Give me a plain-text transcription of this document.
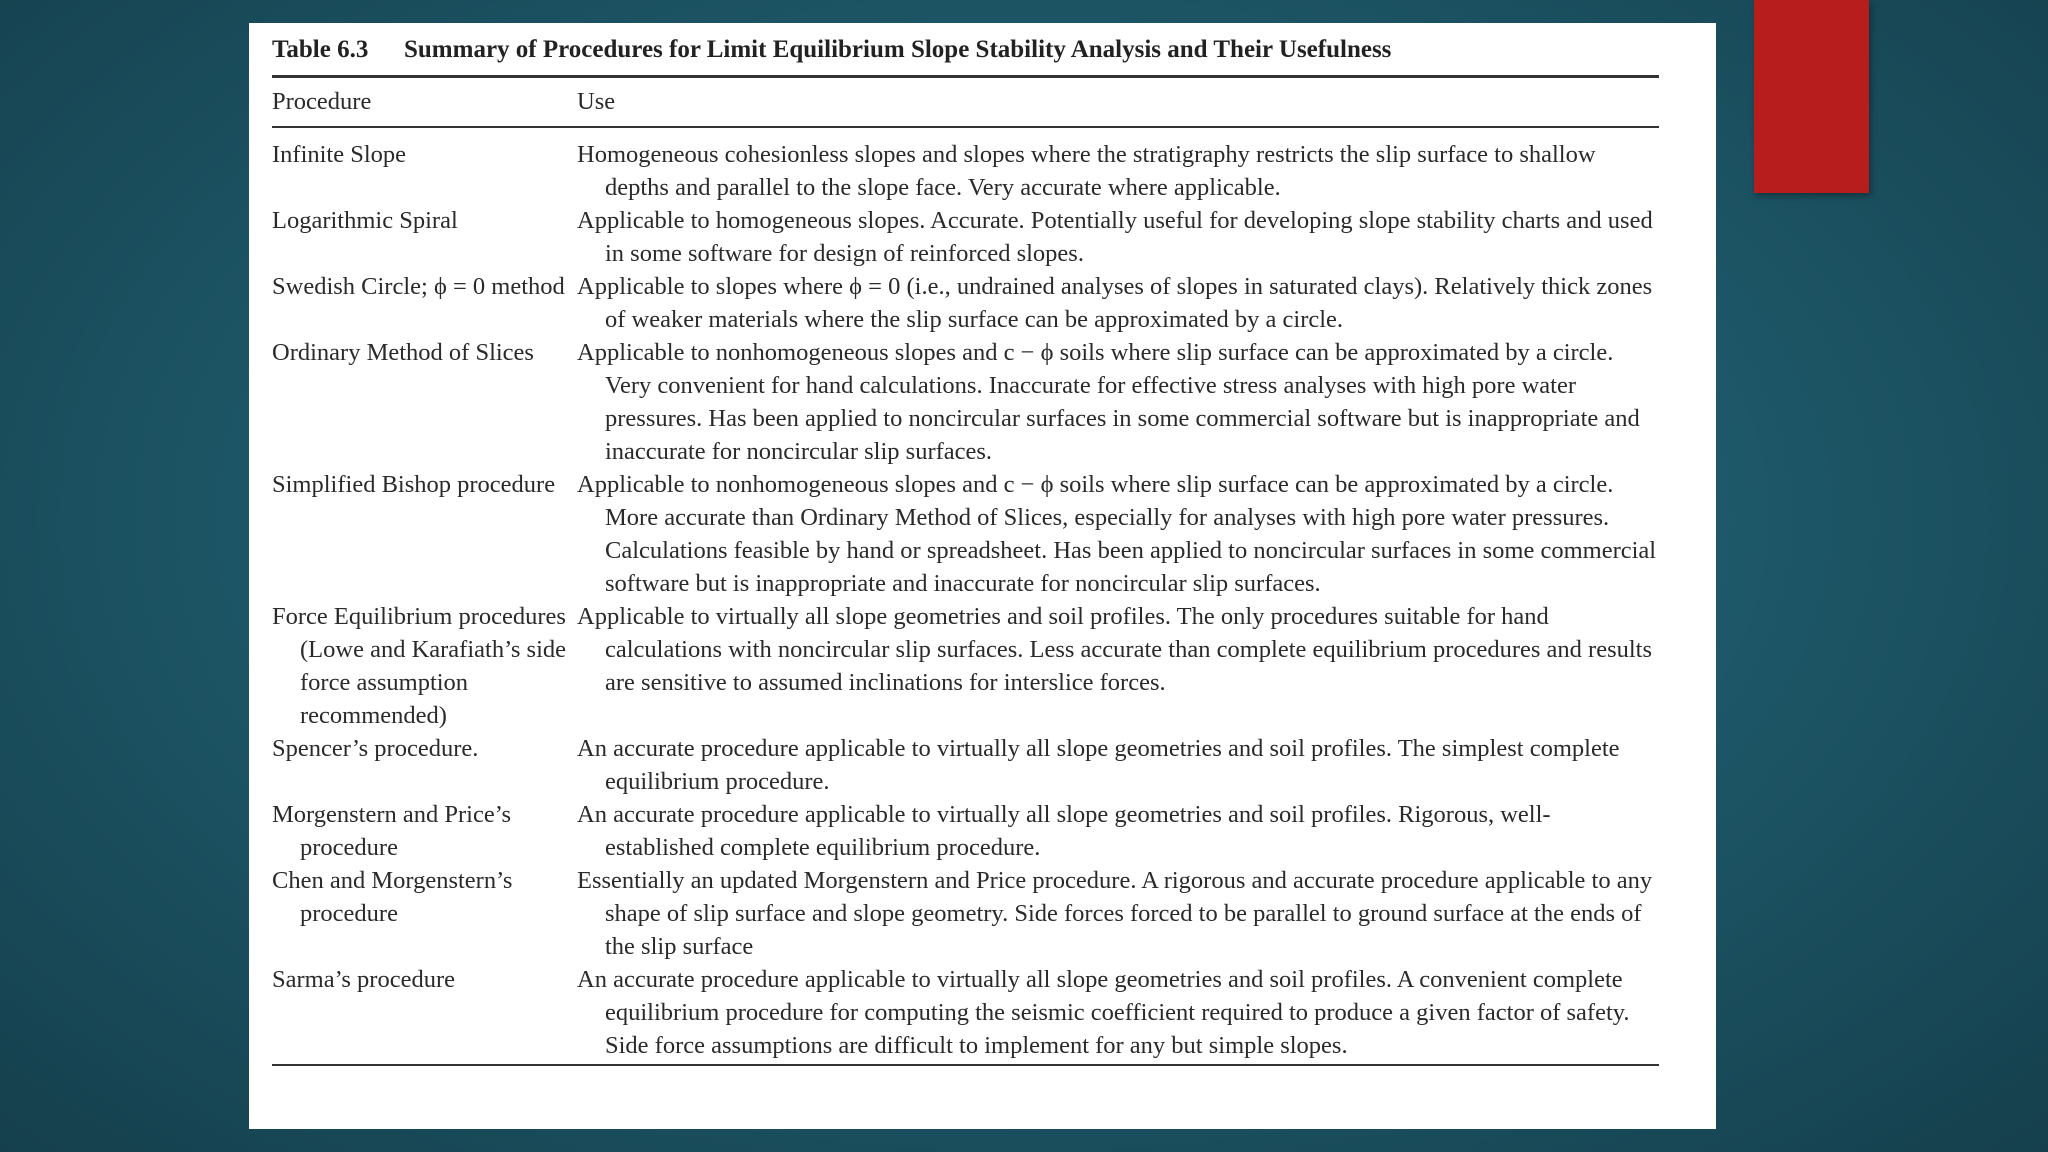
Table 6.3 Summary of Procedures for Limit Equilibrium Slope Stability Analysis and Their Usefulness
Procedure	Use
Infinite Slope	Homogeneous cohesionless slopes and slopes where the stratigraphy restricts the slip surface to shallow depths and parallel to the slope face. Very accurate where applicable.
Logarithmic Spiral	Applicable to homogeneous slopes. Accurate. Potentially useful for developing slope stability charts and used in some software for design of reinforced slopes.
Swedish Circle; ϕ = 0 method	Applicable to slopes where ϕ = 0 (i.e., undrained analyses of slopes in saturated clays). Relatively thick zones of weaker materials where the slip surface can be approximated by a circle.
Ordinary Method of Slices	Applicable to nonhomogeneous slopes and c − ϕ soils where slip surface can be approximated by a circle. Very convenient for hand calculations. Inaccurate for effective stress analyses with high pore water pressures. Has been applied to noncircular surfaces in some commercial software but is inappropriate and inaccurate for noncircular slip surfaces.
Simplified Bishop procedure	Applicable to nonhomogeneous slopes and c − ϕ soils where slip surface can be approximated by a circle. More accurate than Ordinary Method of Slices, especially for analyses with high pore water pressures. Calculations feasible by hand or spreadsheet. Has been applied to noncircular surfaces in some commercial software but is inappropriate and inaccurate for noncircular slip surfaces.
Force Equilibrium procedures (Lowe and Karafiath’s side force assumption recommended)	Applicable to virtually all slope geometries and soil profiles. The only procedures suitable for hand calculations with noncircular slip surfaces. Less accurate than complete equilibrium procedures and results are sensitive to assumed inclinations for interslice forces.
Spencer’s procedure.	An accurate procedure applicable to virtually all slope geometries and soil profiles. The simplest complete equilibrium procedure.
Morgenstern and Price’s procedure	An accurate procedure applicable to virtually all slope geometries and soil profiles. Rigorous, well-established complete equilibrium procedure.
Chen and Morgenstern’s procedure	Essentially an updated Morgenstern and Price procedure. A rigorous and accurate procedure applicable to any shape of slip surface and slope geometry. Side forces forced to be parallel to ground surface at the ends of the slip surface
Sarma’s procedure	An accurate procedure applicable to virtually all slope geometries and soil profiles. A convenient complete equilibrium procedure for computing the seismic coefficient required to produce a given factor of safety. Side force assumptions are difficult to implement for any but simple slopes.
